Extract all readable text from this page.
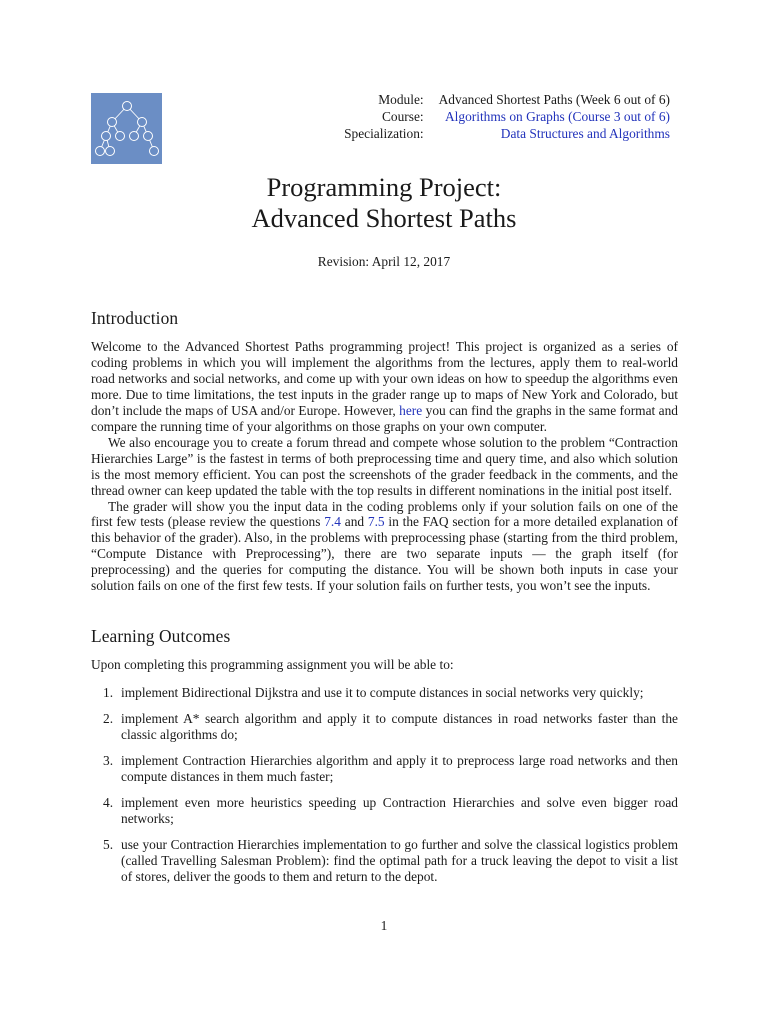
Module:	Advanced Shortest Paths (Week 6 out of 6)
Course:	Algorithms on Graphs (Course 3 out of 6)
Specialization:	Data Structures and Algorithms
Programming Project:
Advanced Shortest Paths
Revision: April 12, 2017
Introduction

Welcome to the Advanced Shortest Paths programming project! This project is organized as a series of coding problems in which you will implement the algorithms from the lectures, apply them to real-world road networks and social networks, and come up with your own ideas on how to speedup the algorithms even more. Due to time limitations, the test inputs in the grader range up to maps of New York and Colorado, but don’t include the maps of USA and/or Europe. However, here you can find the graphs in the same format and compare the running time of your algorithms on those graphs on your own computer.

We also encourage you to create a forum thread and compete whose solution to the problem “Contraction Hierarchies Large” is the fastest in terms of both preprocessing time and query time, and also which solution is the most memory efficient. You can post the screenshots of the grader feedback in the comments, and the thread owner can keep updated the table with the top results in different nominations in the initial post itself.

The grader will show you the input data in the coding problems only if your solution fails on one of the first few tests (please review the questions 7.4 and 7.5 in the FAQ section for a more detailed explanation of this behavior of the grader). Also, in the problems with preprocessing phase (starting from the third problem, “Compute Distance with Preprocessing”), there are two separate inputs — the graph itself (for preprocessing) and the queries for computing the distance. You will be shown both inputs in case your solution fails on one of the first few tests. If your solution fails on further tests, you won’t see the inputs.

Learning Outcomes
Upon completing this programming assignment you will be able to:
1. implement Bidirectional Dijkstra and use it to compute distances in social networks very quickly;
2. implement A* search algorithm and apply it to compute distances in road networks faster than the classic algorithms do;
3. implement Contraction Hierarchies algorithm and apply it to preprocess large road networks and then compute distances in them much faster;
4. implement even more heuristics speeding up Contraction Hierarchies and solve even bigger road networks;
5. use your Contraction Hierarchies implementation to go further and solve the classical logistics problem (called Travelling Salesman Problem): find the optimal path for a truck leaving the depot to visit a list of stores, deliver the goods to them and return to the depot.
1
